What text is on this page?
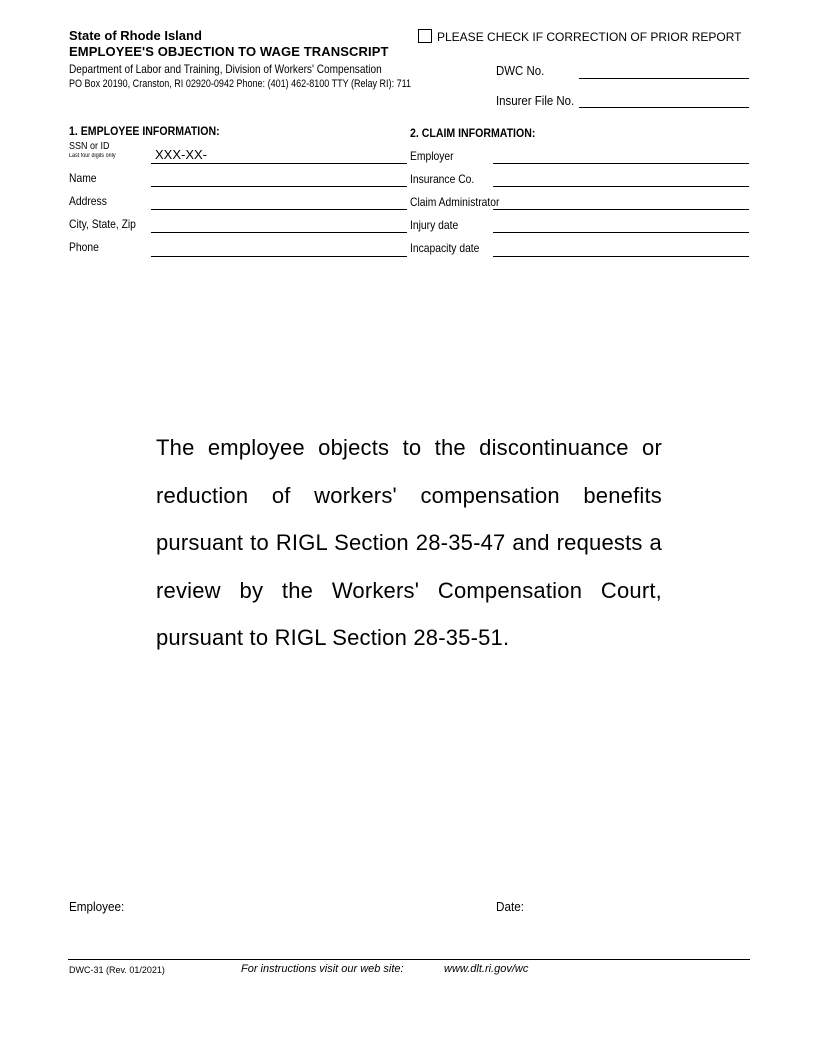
State of Rhode Island
EMPLOYEE'S OBJECTION TO WAGE TRANSCRIPT
Department of Labor and Training, Division of Workers' Compensation
PO Box 20190, Cranston, RI 02920-0942 Phone: (401) 462-8100 TTY (Relay RI): 711
PLEASE CHECK IF CORRECTION OF PRIOR REPORT
DWC No.
Insurer File No.
1. EMPLOYEE INFORMATION:
SSN or ID
Last four digits only	XXX-XX-
Name
Address
City, State, Zip
Phone
2. CLAIM INFORMATION:
Employer
Insurance Co.
Claim Administrator
Injury date
Incapacity date
The employee objects to the discontinuance or reduction of workers' compensation benefits pursuant to RIGL Section 28-35-47 and requests a review by the Workers' Compensation Court, pursuant to RIGL Section 28-35-51.
Employee:	Date:
DWC-31 (Rev. 01/2021)	For instructions visit our web site:	www.dlt.ri.gov/wc
